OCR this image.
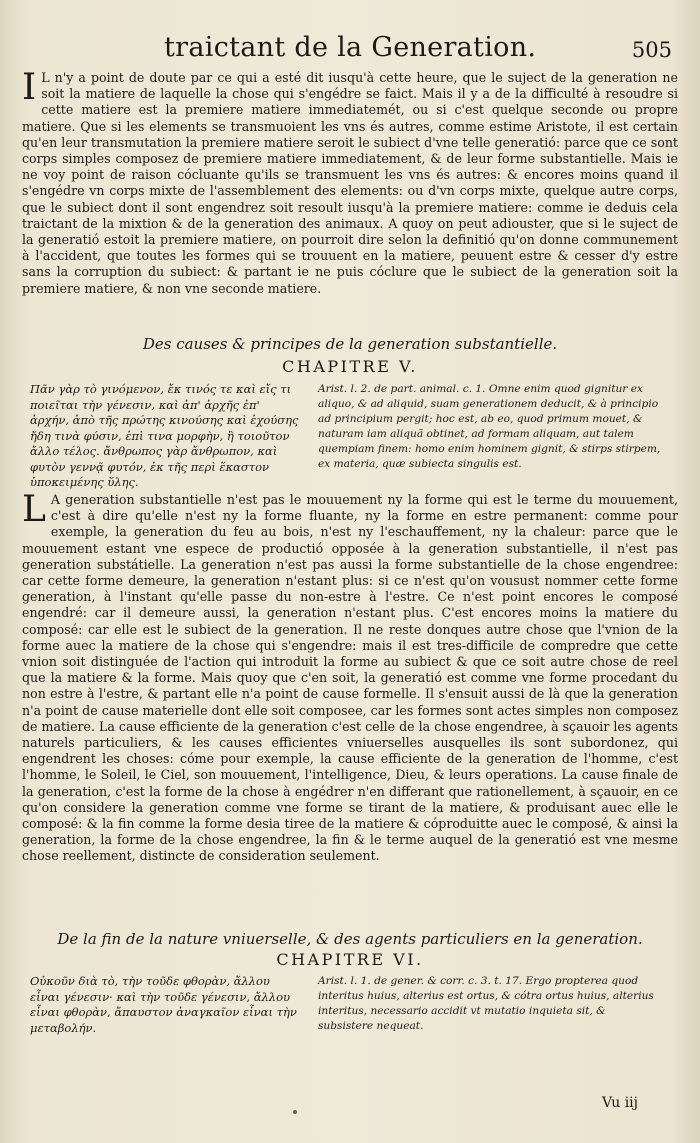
traictant de la Generation.	505

I L n'y a point de doute par ce qui a esté dit iusqu'à cette heure, que le suject de la generation ne soit la matiere de laquelle la chose qui s'engédre se faict. Mais il y a de la difficulté à resoudre si cette matiere est la premiere matiere immediatemét, ou si c'est quelque seconde ou propre matiere. Que si les elements se transmuoient les vns és autres, comme estime Aristote, il est certain qu'en leur transmutation la premiere matiere seroit le subiect d'vne telle generatió: parce que ce sont corps simples composez de premiere matiere immediatement, & de leur forme substantielle. Mais ie ne voy point de raison cócluante qu'ils se transmuent les vns és autres: & encores moins quand il s'engédre vn corps mixte de l'assemblement des elements: ou d'vn corps mixte, quelque autre corps, que le subiect dont il sont engendrez soit resoult iusqu'à la premiere matiere: comme ie deduis cela traictant de la mixtion & de la generation des animaux. A quoy on peut adiouster, que si le suject de la generatió estoit la premiere matiere, on pourroit dire selon la definitió qu'on donne communement à l'accident, que toutes les formes qui se trouuent en la matiere, peuuent estre & cesser d'y estre sans la corruption du subiect: & partant ie ne puis cóclure que le subiect de la generation soit la premiere matiere, & non vne seconde matiere.

Des causes & principes de la generation substantielle.
CHAPITRE V.
Πᾶν γὰρ τὸ γινόμενον, ἔκ τινός τε καὶ εἴς τι ποιεῖται τὴν γένεσιν, καὶ ἀπ' ἀρχῆς ἐπ' ἀρχήν, ἀπὸ τῆς πρώτης κινούσης καὶ ἐχούσης ἤδη τινὰ φύσιν, ἐπὶ τινα μορφὴν, ἢ τοιοῦτον ἄλλο τέλος. ἄνθρωπος γὰρ ἄνθρωπον, καὶ φυτὸν γεννᾷ φυτόν, ἐκ τῆς περὶ ἕκαστον ὑποκειμένης ὕλης.
Arist. l. 2. de part. animal. c. 1. Omne enim quod gignitur ex aliquo, & ad aliquid, suam generationem deducit, & à principio ad principium pergit; hoc est, ab eo, quod primum mouet, & naturam iam aliquã obtinet, ad formam aliquam, aut talem quempiam finem: homo enim hominem gignit, & stirps stirpem, ex materia, quæ subiecta singulis est.

L A generation substantielle n'est pas le mouuement ny la forme qui est le terme du mouuement, c'est à dire qu'elle n'est ny la forme fluante, ny la forme en estre permanent: comme pour exemple, la generation du feu au bois, n'est ny l'eschauffement, ny la chaleur: parce que le mouuement estant vne espece de productió opposée à la generation substantielle, il n'est pas generation substátielle. La generation n'est pas aussi la forme substantielle de la chose engendree: car cette forme demeure, la generation n'estant plus: si ce n'est qu'on vousust nommer cette forme generation, à l'instant qu'elle passe du non-estre à l'estre. Ce n'est point encores le composé engendré: car il demeure aussi, la generation n'estant plus. C'est encores moins la matiere du composé: car elle est le subiect de la generation. Il ne reste donques autre chose que l'vnion de la forme auec la matiere de la chose qui s'engendre: mais il est tres-difficile de compredre que cette vnion soit distinguée de l'action qui introduit la forme au subiect & que ce soit autre chose de reel que la matiere & la forme. Mais quoy que c'en soit, la generatió est comme vne forme procedant du non estre à l'estre, & partant elle n'a point de cause formelle. Il s'ensuit aussi de là que la generation n'a point de cause materielle dont elle soit composee, car les formes sont actes simples non composez de matiere. La cause efficiente de la generation c'est celle de la chose engendree, à sçauoir les agents naturels particuliers, & les causes efficientes vniuerselles ausquelles ils sont subordonez, qui engendrent les choses: cóme pour exemple, la cause efficiente de la generation de l'homme, c'est l'homme, le Soleil, le Ciel, son mouuement, l'intelligence, Dieu, & leurs operations. La cause finale de la generation, c'est la forme de la chose à engédrer n'en differant que rationellement, à sçauoir, en ce qu'on considere la generation comme vne forme se tirant de la matiere, & produisant auec elle le composé: & la fin comme la forme desia tiree de la matiere & cóproduitte auec le composé, & ainsi la generation, la forme de la chose engendree, la fin & le terme auquel de la generatió est vne mesme chose reellement, distincte de consideration seulement.

De la fin de la nature vniuerselle, & des agents particuliers en la generation.
CHAPITRE VI.
Οὐκοῦν διὰ τὸ, τὴν τοῦδε φθορὰν, ἄλλου εἶναι γένεσιν· καὶ τὴν τοῦδε γένεσιν, ἄλλου εἶναι φθορὰν, ἄπαυστον ἀναγκαῖον εἶναι τὴν μεταβολήν.
Arist. l. 1. de gener. & corr. c. 3. t. 17. Ergo propterea quod interitus huius, alterius est ortus, & cótra ortus huius, alterius interitus, necessario accidit vt mutatio inquieta sit, & subsistere nequeat.
Vu iij
